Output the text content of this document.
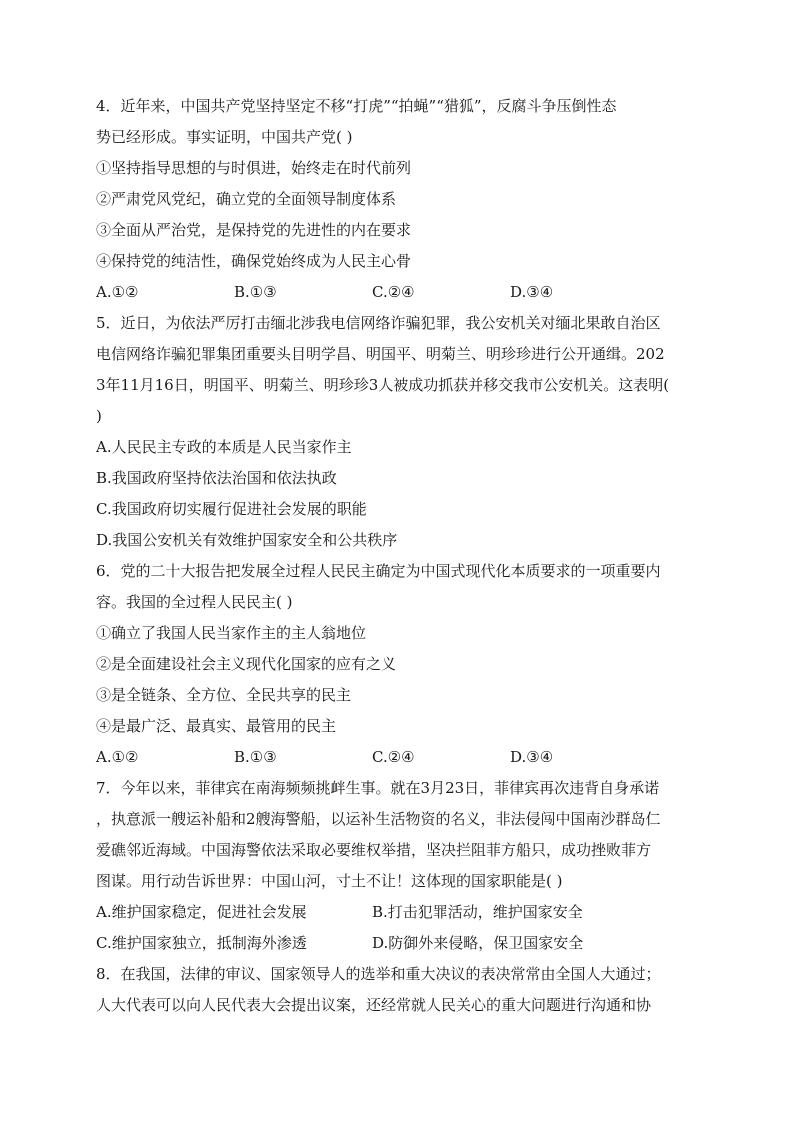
4．近年来，中国共产党坚持坚定不移“打虎”“拍蝇”“猎狐”，反腐斗争压倒性态
势已经形成。事实证明，中国共产党( )
①坚持指导思想的与时俱进，始终走在时代前列
②严肃党风党纪，确立党的全面领导制度体系
③全面从严治党，是保持党的先进性的内在要求
④保持党的纯洁性，确保党始终成为人民主心骨
A.①②	B.①③	C.②④	D.③④
5．近日，为依法严厉打击缅北涉我电信网络诈骗犯罪，我公安机关对缅北果敢自治区
电信网络诈骗犯罪集团重要头目明学昌、明国平、明菊兰、明珍珍进行公开通缉。202
3年11月16日，明国平、明菊兰、明珍珍3人被成功抓获并移交我市公安机关。这表明(
)
A.人民民主专政的本质是人民当家作主
B.我国政府坚持依法治国和依法执政
C.我国政府切实履行促进社会发展的职能
D.我国公安机关有效维护国家安全和公共秩序
6．党的二十大报告把发展全过程人民民主确定为中国式现代化本质要求的一项重要内
容。我国的全过程人民民主( )
①确立了我国人民当家作主的主人翁地位
②是全面建设社会主义现代化国家的应有之义
③是全链条、全方位、全民共享的民主
④是最广泛、最真实、最管用的民主
A.①②	B.①③	C.②④	D.③④
7．今年以来，菲律宾在南海频频挑衅生事。就在3月23日，菲律宾再次违背自身承诺
，执意派一艘运补船和2艘海警船，以运补生活物资的名义，非法侵闯中国南沙群岛仁
爱礁邻近海域。中国海警依法采取必要维权举措，坚决拦阻菲方船只，成功挫败菲方
图谋。用行动告诉世界：中国山河，寸土不让！这体现的国家职能是( )
A.维护国家稳定，促进社会发展	B.打击犯罪活动，维护国家安全
C.维护国家独立，抵制海外渗透	D.防御外来侵略，保卫国家安全
8．在我国，法律的审议、国家领导人的选举和重大决议的表决常常由全国人大通过；
人大代表可以向人民代表大会提出议案，还经常就人民关心的重大问题进行沟通和协
